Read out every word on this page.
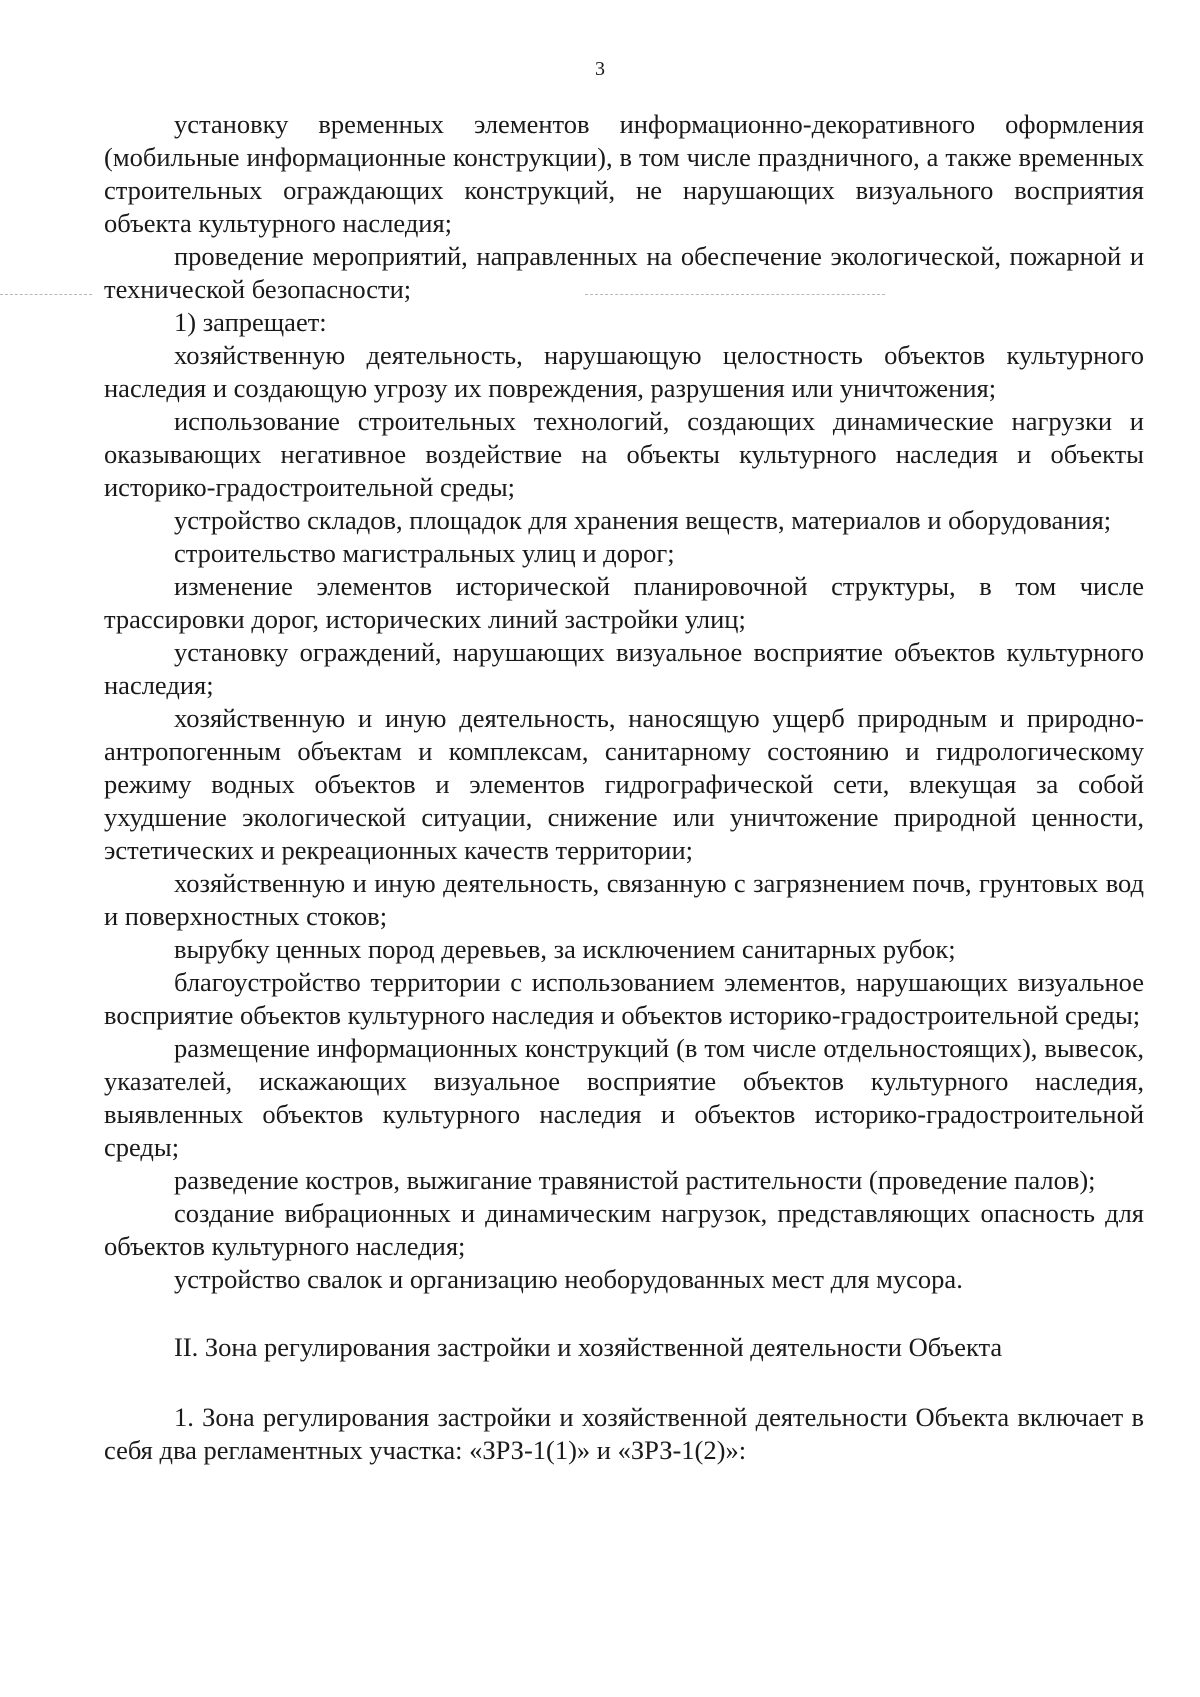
3

установку временных элементов информационно-декоративного оформления (мобильные информационные конструкции), в том числе праздничного, а также временных строительных ограждающих конструкций, не нарушающих визуального восприятия объекта культурного наследия;

проведение мероприятий, направленных на обеспечение экологической, пожарной и технической безопасности;

1) запрещает:

хозяйственную деятельность, нарушающую целостность объектов культурного наследия и создающую угрозу их повреждения, разрушения или уничтожения;

использование строительных технологий, создающих динамические нагрузки и оказывающих негативное воздействие на объекты культурного наследия и объекты историко-градостроительной среды;

устройство складов, площадок для хранения веществ, материалов и оборудования;

строительство магистральных улиц и дорог;

изменение элементов исторической планировочной структуры, в том числе трассировки дорог, исторических линий застройки улиц;

установку ограждений, нарушающих визуальное восприятие объектов культурного наследия;

хозяйственную и иную деятельность, наносящую ущерб природным и природно-антропогенным объектам и комплексам, санитарному состоянию и гидрологическому режиму водных объектов и элементов гидрографической сети, влекущая за собой ухудшение экологической ситуации, снижение или уничтожение природной ценности, эстетических и рекреационных качеств территории;

хозяйственную и иную деятельность, связанную с загрязнением почв, грунтовых вод и поверхностных стоков;

вырубку ценных пород деревьев, за исключением санитарных рубок;

благоустройство территории с использованием элементов, нарушающих визуальное восприятие объектов культурного наследия и объектов историко-градостроительной среды;

размещение информационных конструкций (в том числе отдельностоящих), вывесок, указателей, искажающих визуальное восприятие объектов культурного наследия, выявленных объектов культурного наследия и объектов историко-градостроительной среды;

разведение костров, выжигание травянистой растительности (проведение палов);

создание вибрационных и динамическим нагрузок, представляющих опасность для объектов культурного наследия;

устройство свалок и организацию необорудованных мест для мусора.

II. Зона регулирования застройки и хозяйственной деятельности Объекта

1. Зона регулирования застройки и хозяйственной деятельности Объекта включает в себя два регламентных участка: «ЗРЗ-1(1)» и «ЗРЗ-1(2)»:
